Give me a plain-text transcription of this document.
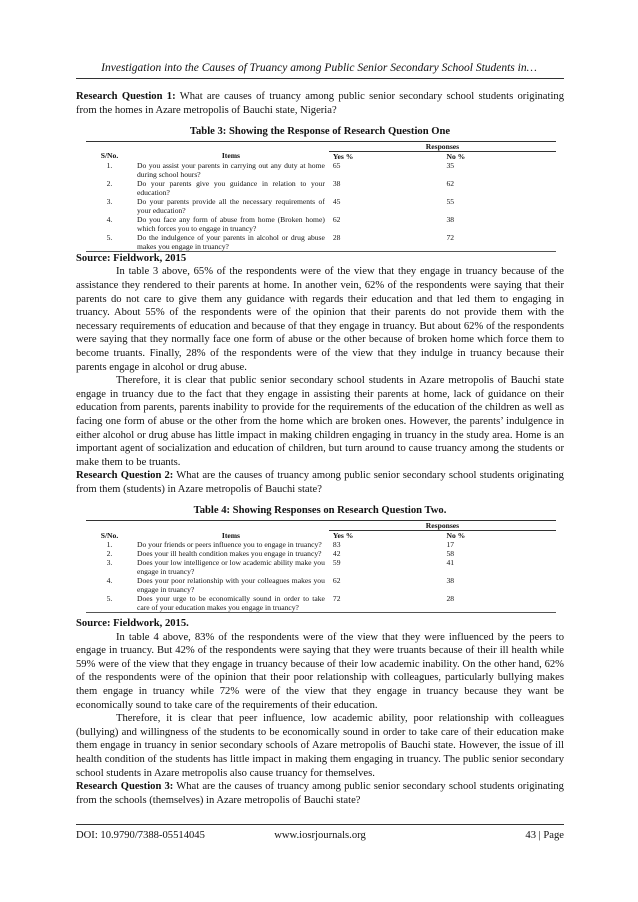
Investigation into the Causes of Truancy among Public Senior Secondary School Students in…

Research Question 1: What are causes of truancy among public senior secondary school students originating from the homes in Azare metropolis of Bauchi state, Nigeria?

Table 3: Showing the Response of Research Question One
		Responses	
S/No.	Items	Yes %	No %
1.	Do you assist your parents in carrying out any duty at home during school hours?	65	35
2.	Do your parents give you guidance in relation to your education?	38	62
3.	Do your parents provide all the necessary requirements of your education?	45	55
4.	Do you face any form of abuse from home (Broken home) which forces you to engage in truancy?	62	38
5.	Do the indulgence of your parents in alcohol or drug abuse makes you engage in truancy?	28	72

Source: Fieldwork, 2015

In table 3 above, 65% of the respondents were of the view that they engage in truancy because of the assistance they rendered to their parents at home. In another vein, 62% of the respondents were saying that their parents do not care to give them any guidance with regards their education and that led them to engaging in truancy. About 55% of the respondents were of the opinion that their parents do not provide them with the necessary requirements of education and because of that they engage in truancy. But about 62% of the respondents were saying that they normally face one form of abuse or the other because of broken home which force them to become truants. Finally, 28% of the respondents were of the view that they indulge in truancy because their parents engage in alcohol or drug abuse.

Therefore, it is clear that public senior secondary school students in Azare metropolis of Bauchi state engage in truancy due to the fact that they engage in assisting their parents at home, lack of guidance on their education from parents, parents inability to provide for the requirements of the education of the children as well as facing one form of abuse or the other from the home which are broken ones. However, the parents’ indulgence in either alcohol or drug abuse has little impact in making children engaging in truancy in the study area. Home is an important agent of socialization and education of children, but turn around to cause truancy among the students or make them to be truants.

Research Question 2: What are the causes of truancy among public senior secondary school students originating from them (students) in Azare metropolis of Bauchi state?

Table 4: Showing Responses on Research Question Two.
		Responses	
S/No.	Items	Yes %	No %
1.	Do your friends or peers influence you to engage in truancy?	83	17
2.	Does your ill health condition makes you engage in truancy?	42	58
3.	Does your low intelligence or low academic ability make you engage in truancy?	59	41
4.	Does your poor relationship with your colleagues makes you engage in truancy?	62	38
5.	Does your urge to be economically sound in order to take care of your education makes you engage in truancy?	72	28

Source: Fieldwork, 2015.

In table 4 above, 83% of the respondents were of the view that they were influenced by the peers to engage in truancy. But 42% of the respondents were saying that they were truants because of their ill health while 59% were of the view that they engage in truancy because of their low academic inability. On the other hand, 62% of the respondents were of the opinion that their poor relationship with colleagues, particularly bullying makes them engage in truancy while 72% were of the view that they engage in truancy because they want be economically sound to take care of the requirements of their education.

Therefore, it is clear that peer influence, low academic ability, poor relationship with colleagues (bullying) and willingness of the students to be economically sound in order to take care of their education make them engage in truancy in senior secondary schools of Azare metropolis of Bauchi state. However, the issue of ill health condition of the students has little impact in making them engaging in truancy. The public senior secondary school students in Azare metropolis also cause truancy for themselves.

Research Question 3: What are the causes of truancy among public senior secondary school students originating from the schools (themselves) in Azare metropolis of Bauchi state?

DOI: 10.9790/7388-05514045	www.iosrjournals.org	43 | Page
